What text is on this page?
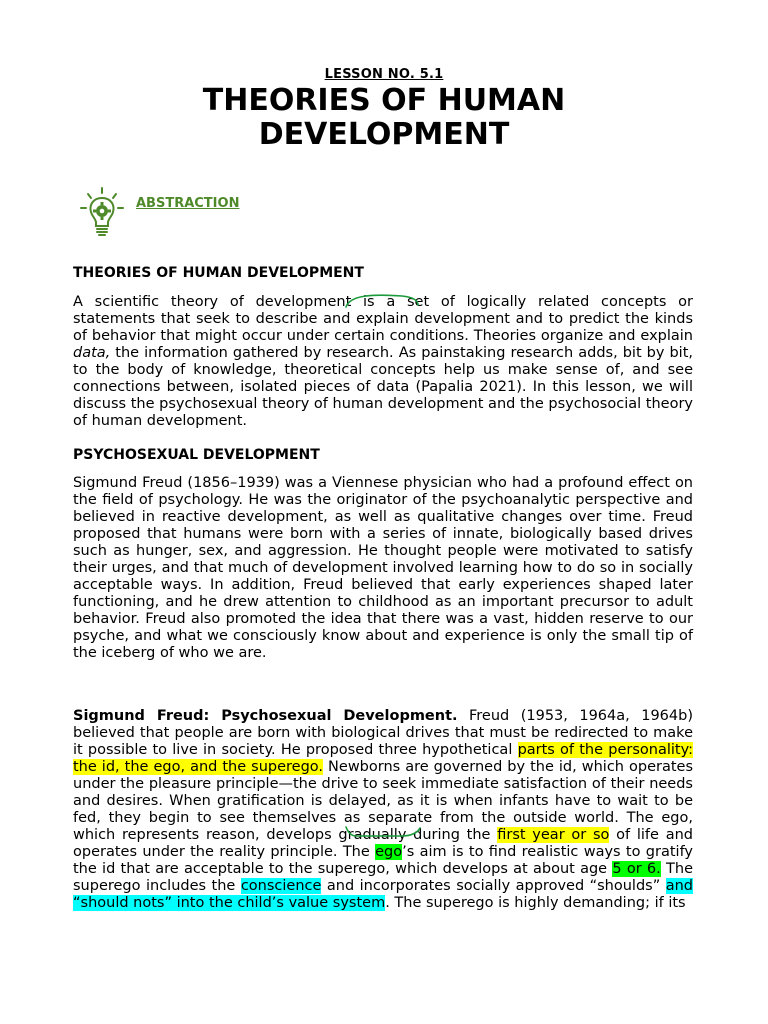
LESSON NO. 5.1
THEORIES OF HUMAN
DEVELOPMENT
ABSTRACTION
THEORIES OF HUMAN DEVELOPMENT
A scientific theory of development is a set of logically related concepts or statements that seek to describe and explain development and to predict the kinds of behavior that might occur under certain conditions. Theories organize and explain data, the information gathered by research. As painstaking research adds, bit by bit, to the body of knowledge, theoretical concepts help us make sense of, and see connections between, isolated pieces of data (Papalia 2021). In this lesson, we will discuss the psychosexual theory of human development and the psychosocial theory of human development.
PSYCHOSEXUAL DEVELOPMENT
Sigmund Freud (1856–1939) was a Viennese physician who had a profound effect on the field of psychology. He was the originator of the psychoanalytic perspective and believed in reactive development, as well as qualitative changes over time. Freud proposed that humans were born with a series of innate, biologically based drives such as hunger, sex, and aggression. He thought people were motivated to satisfy their urges, and that much of development involved learning how to do so in socially acceptable ways. In addition, Freud believed that early experiences shaped later functioning, and he drew attention to childhood as an important precursor to adult behavior. Freud also promoted the idea that there was a vast, hidden reserve to our psyche, and what we consciously know about and experience is only the small tip of the iceberg of who we are.
Sigmund Freud: Psychosexual Development. Freud (1953, 1964a, 1964b) believed that people are born with biological drives that must be redirected to make it possible to live in society. He proposed three hypothetical parts of the personality: the id, the ego, and the superego. Newborns are governed by the id, which operates under the pleasure principle—the drive to seek immediate satisfaction of their needs and desires. When gratification is delayed, as it is when infants have to wait to be fed, they begin to see themselves as separate from the outside world. The ego, which represents reason, develops gradually during the first year or so of life and operates under the reality principle. The ego’s aim is to find realistic ways to gratify the id that are acceptable to the superego, which develops at about age 5 or 6. The superego includes the conscience and incorporates socially approved “shoulds” and “should nots” into the child’s value system. The superego is highly demanding; if its
